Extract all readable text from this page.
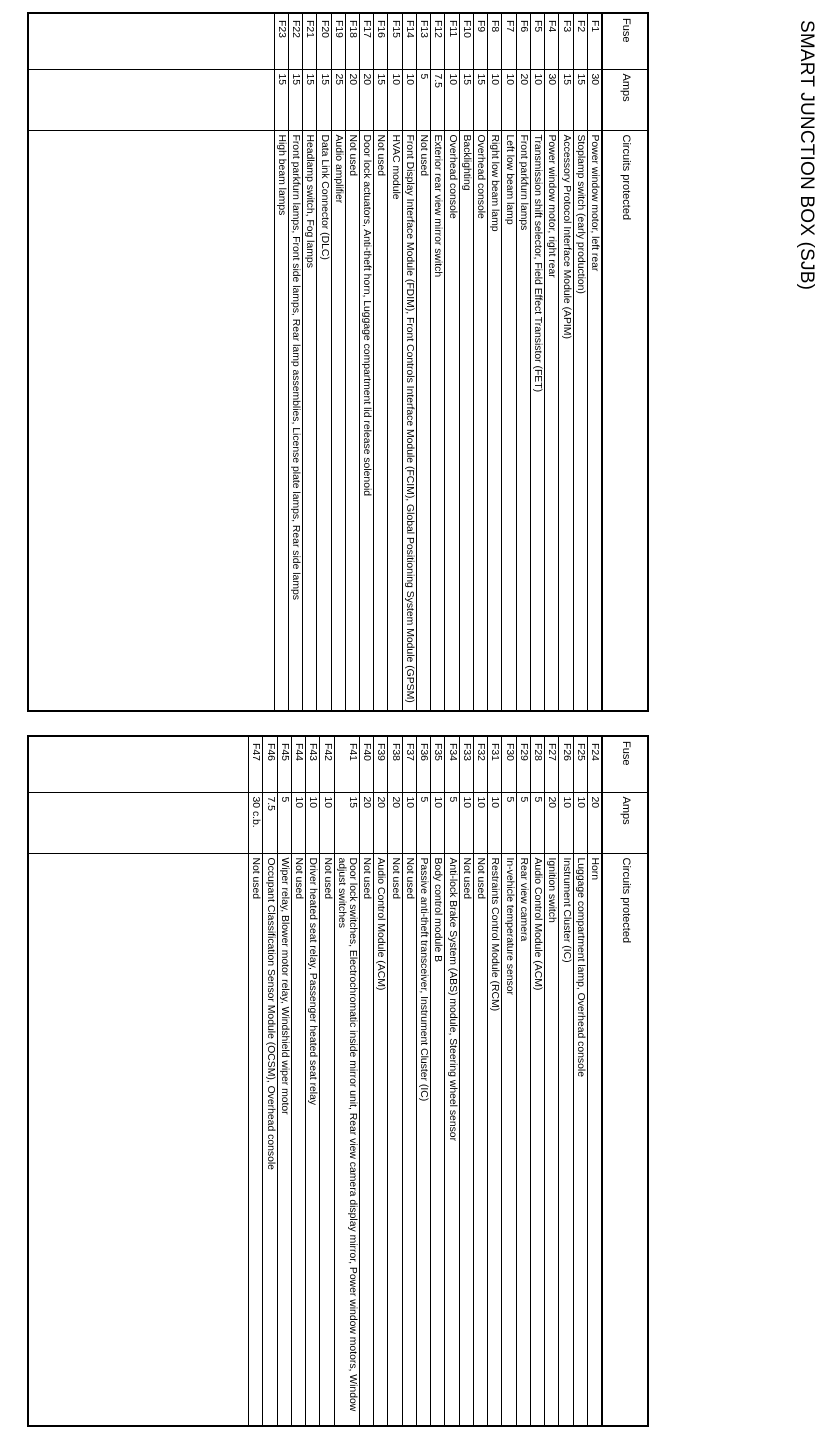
SMART JUNCTION BOX (SJB)
Fuse	Amps	Circuits protected
F1	30	Power window motor, left rear
F2	15	Stoplamp switch (early production)
F3	15	Accessory Protocol Interface Module (APIM)
F4	30	Power window motor, right rear
F5	10	Transmission shift selector, Field Effect Transistor (FET)
F6	20	Front parkfurn lamps
F7	10	Left low beam lamp
F8	10	Right low beam lamp
F9	15	Overhead console
F10	15	Backlighting
F11	10	Overhead console
F12	7.5	Exterior rear view mirror switch
F13	5	Not used
F14	10	Front Display Interface Module (FDIM), Front Controls Interface Module (FCIM), Global Positioning System Module (GPSM)
F15	10	HVAC module
F16	15	Not used
F17	20	Door lock actuators, Anti-theft horn, Luggage compartment lid release solenoid
F18	20	Not used
F19	25	Audio amplifier
F20	15	Data Link Connector (DLC)
F21	15	Headlamp switch, Fog lamps
F22	15	Front parkfurn lamps, Front side lamps, Rear lamp assemblies, License plate lamps, Rear side lamps
F23	15	High beam lamps

Fuse	Amps	Circuits protected
F24	20	Horn
F25	10	Luggage compartment lamp, Overhead console
F26	10	Instrument Cluster (IC)
F27	20	Ignition switch
F28	5	Audio Control Module (ACM)
F29	5	Rear view camera
F30	5	In-vehicle temperature sensor
F31	10	Restraints Control Module (RCM)
F32	10	Not used
F33	10	Not used
F34	5	Anti-lock Brake System (ABS) module, Steering wheel sensor
F35	10	Body control module B
F36	5	Passive anti-theft transceiver, Instrument Cluster (IC)
F37	10	Not used
F38	20	Not used
F39	20	Audio Control Module (ACM)
F40	20	Not used
F41	15	Door lock switches, Electrochromatic inside mirror unit, Rear view camera display mirror, Power window motors, Window adjust switches
F42	10	Not used
F43	10	Driver heated seat relay, Passenger heated seat relay
F44	10	Not used
F45	5	Wiper relay, Blower motor relay, Windshield wiper motor
F46	7.5	Occupant Classification Sensor Module (OCSM), Overhead console
F47	30 c.b.	Not used
